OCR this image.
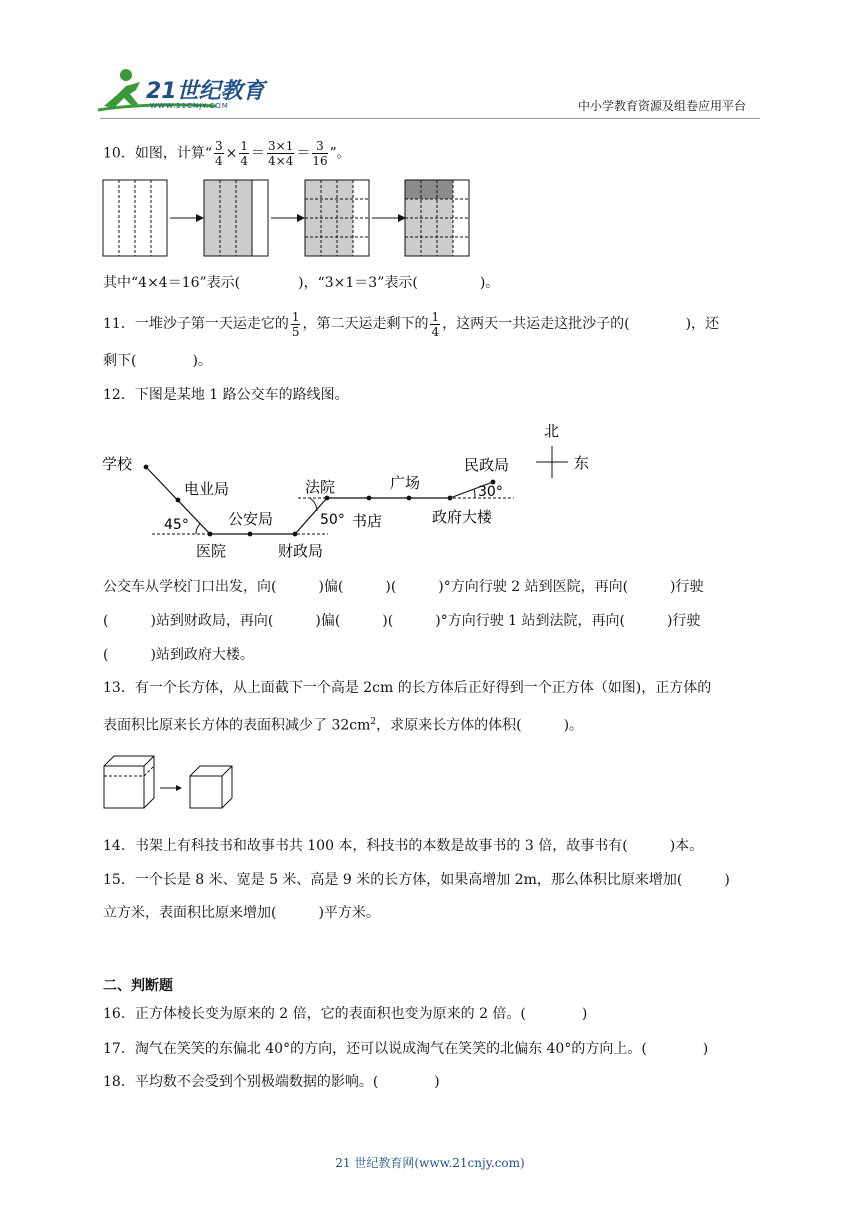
21世纪教育
WWW.21CNJY.COM	中小学教育资源及组卷应用平台
10．如图，计算“ $\frac{3}{4} \times \frac{1}{4} = \frac{3\times 1}{4\times 4} = \frac{3}{16}$ ”。
其中“4×4＝16”表示(	)，“3×1＝3”表示(	)。
11．一堆沙子第一天运走它的 $\frac{1}{5}$ ，第二天运走剩下的 $\frac{1}{4}$ ，这两天一共运走这批沙子的(	)，还
剩下(　　　　)。
12．下图是某地 1 路公交车的路线图。
学校
电业局
45°
医院
公安局
财政局
法院
50° 书店
广场
民政局
30°
政府大楼
北
东
公交车从学校门口出发，向(　　　)偏(　　　)(　　　)°方向行驶 2 站到医院，再向(　　　)行驶
(　　　)站到财政局，再向(　　　)偏(　　　)(　　　)°方向行驶 1 站到法院，再向(　　　)行驶
(　　　)站到政府大楼。
13．有一个长方体，从上面截下一个高是 2cm 的长方体后正好得到一个正方体（如图)，正方体的
表面积比原来长方体的表面积减少了 $32cm^2$，求原来长方体的体积(　　　)。
14．书架上有科技书和故事书共 100 本，科技书的本数是故事书的 3 倍，故事书有(　　　)本。
15．一个长是 8 米、宽是 5 米、高是 9 米的长方体，如果高增加 2m，那么体积比原来增加(　　　)
立方米，表面积比原来增加(　　　)平方米。
二、判断题
16．正方体棱长变为原来的 2 倍，它的表面积也变为原来的 2 倍。(　　　　)
17．淘气在笑笑的东偏北 40°的方向，还可以说成淘气在笑笑的北偏东 40°的方向上。(　　　　)
18．平均数不会受到个别极端数据的影响。(　　　　)
21 世纪教育网(www.21cnjy.com)
